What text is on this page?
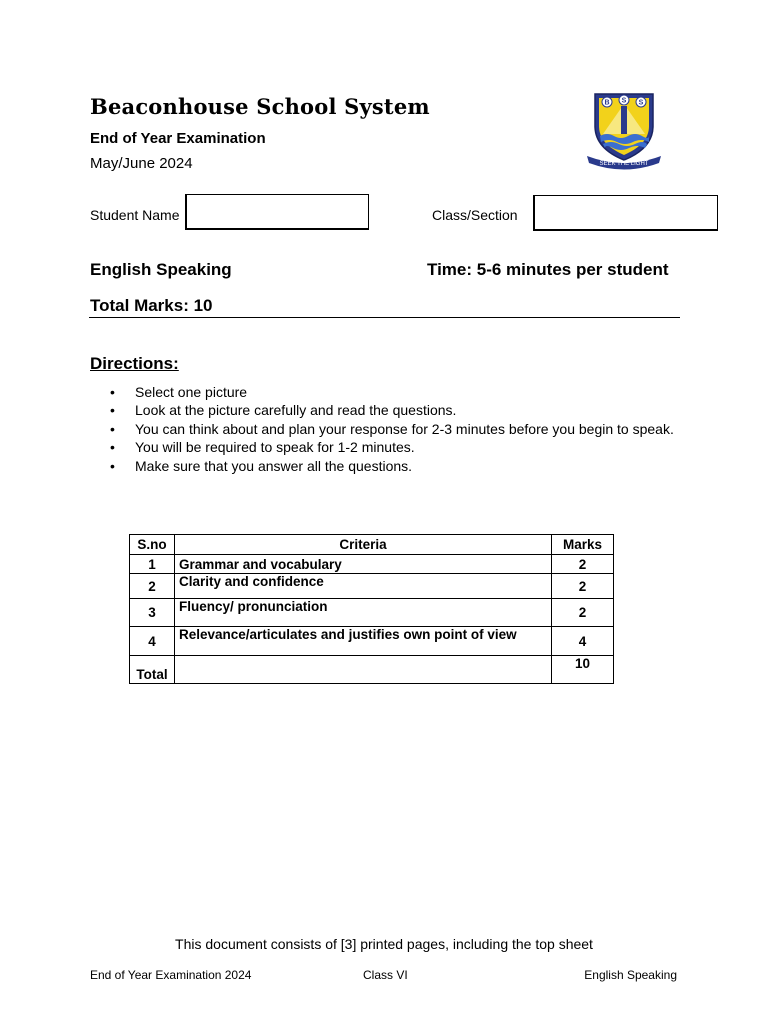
Beaconhouse School System
End of Year Examination
May/June 2024
B S S
SEEK THE LIGHT
Student Name	Class/Section
English Speaking	Time: 5-6 minutes per student
Total Marks: 10
Directions:
• Select one picture
• Look at the picture carefully and read the questions.
• You can think about and plan your response for 2-3 minutes before you begin to speak.
• You will be required to speak for 1-2 minutes.
• Make sure that you answer all the questions.
S.no	Criteria	Marks
1	Grammar and vocabulary	2
2	Clarity and confidence	2
3	Fluency/ pronunciation	2
4	Relevance/articulates and justifies own point of view	4
Total		10
This document consists of [3] printed pages, including the top sheet
End of Year Examination 2024	Class VI	English Speaking
